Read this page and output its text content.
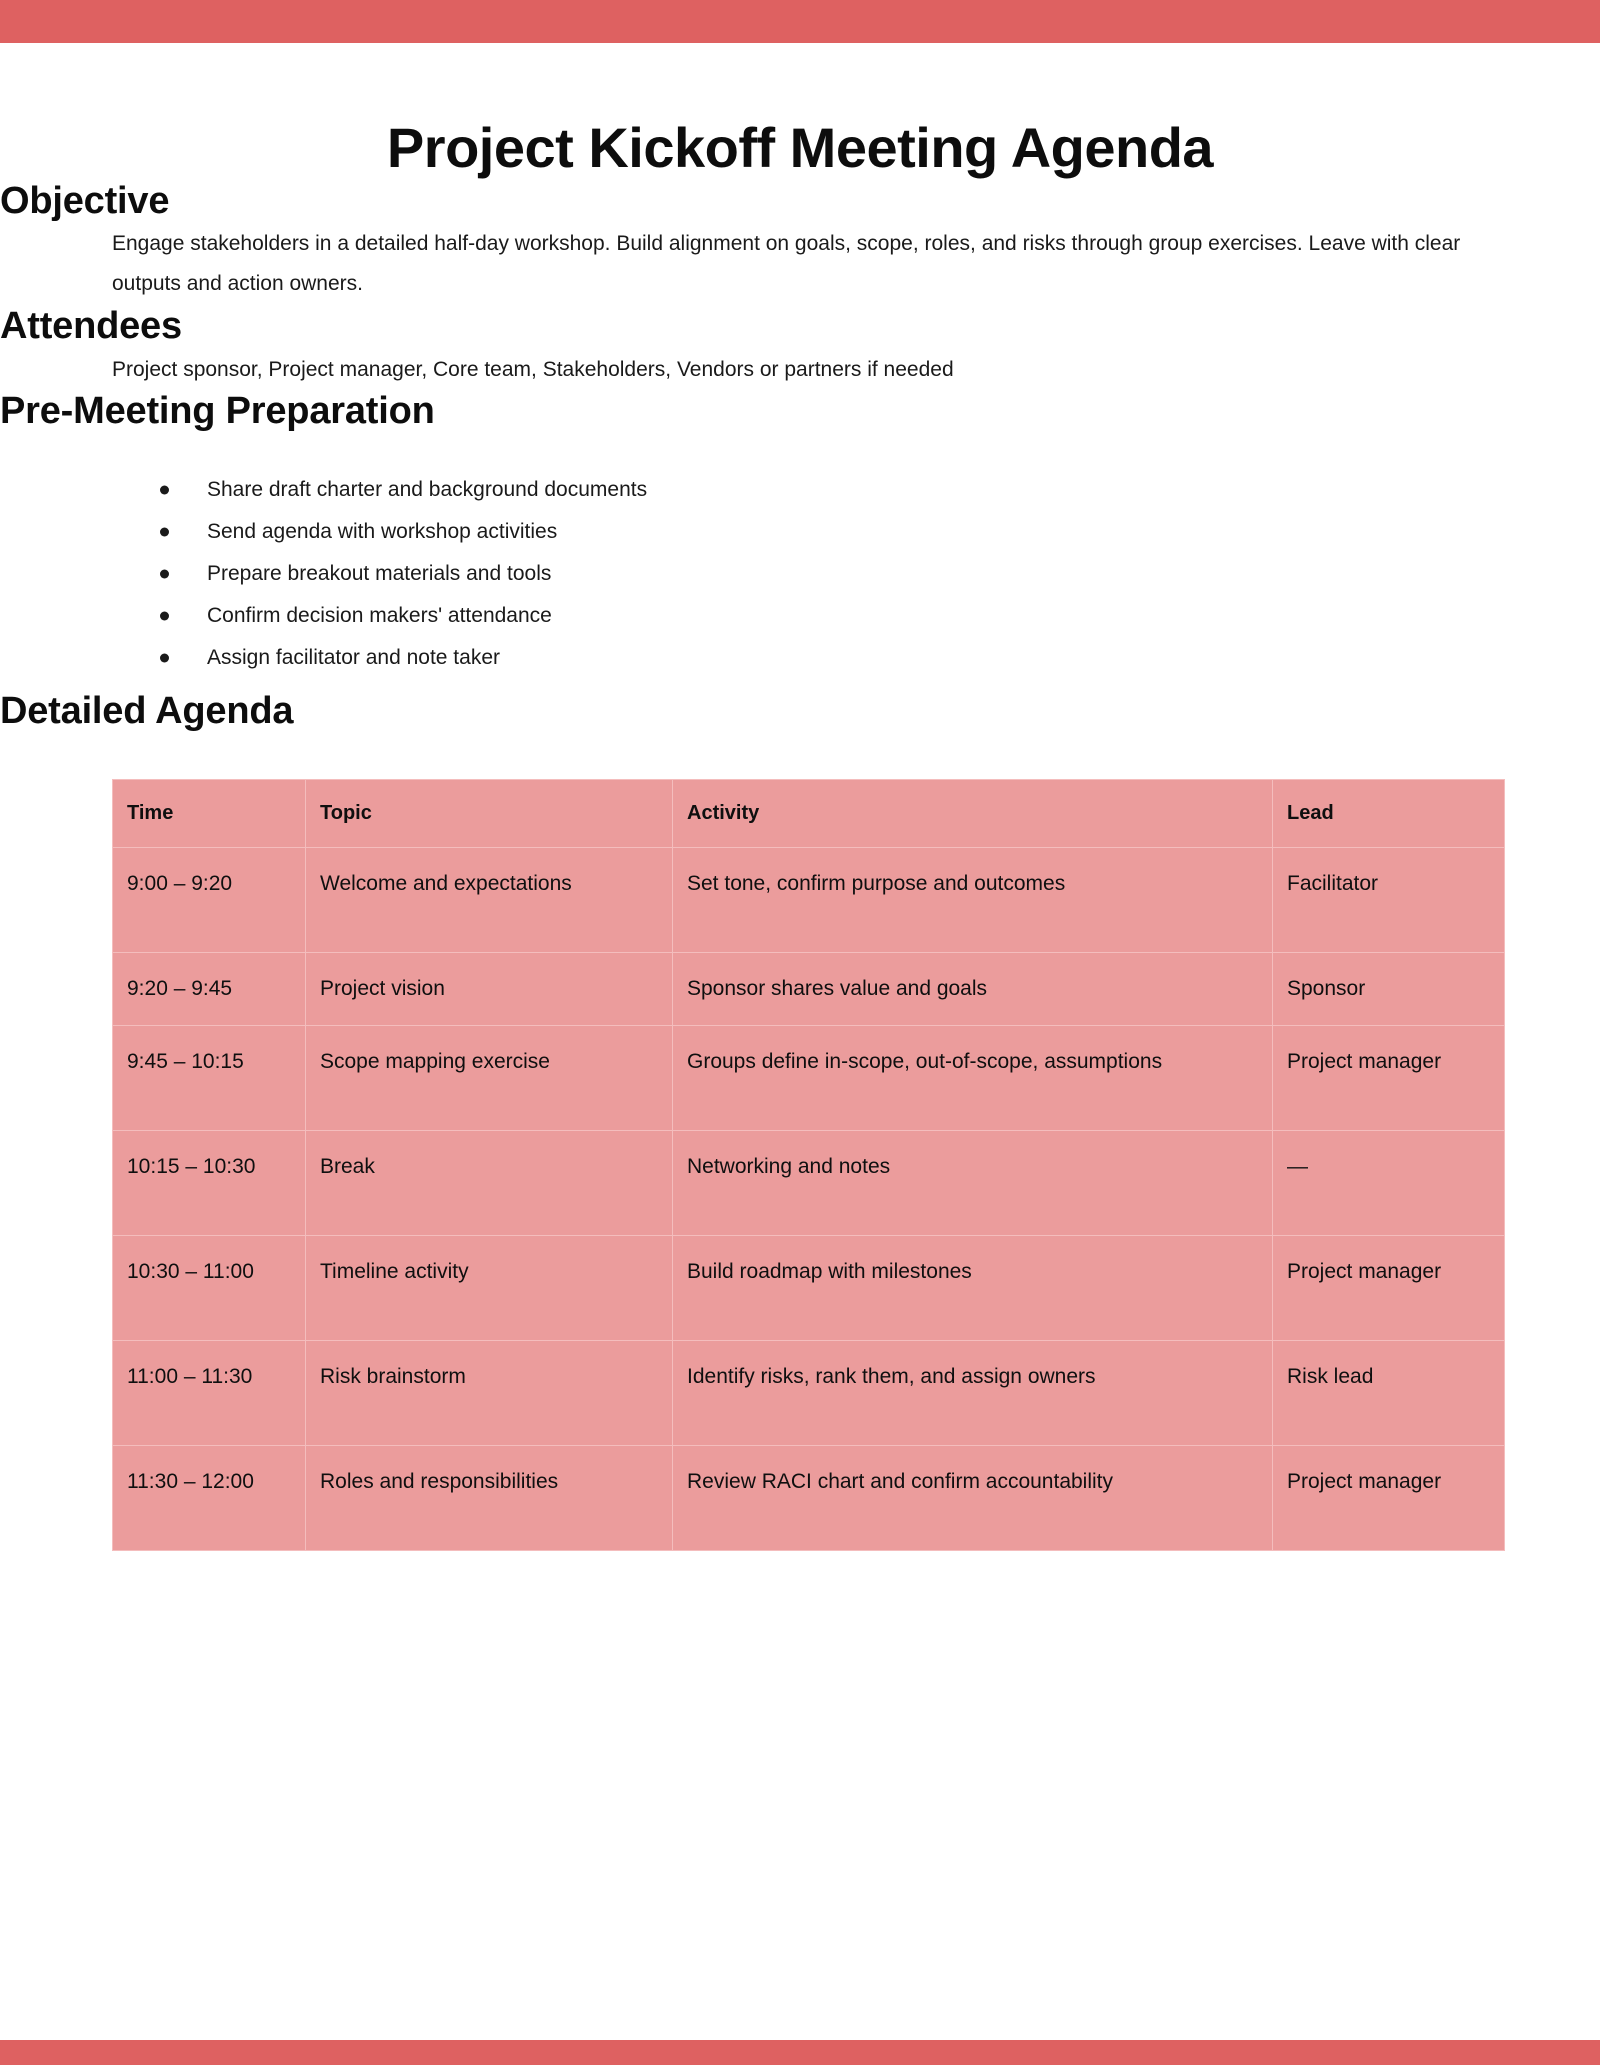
Project Kickoff Meeting Agenda
Objective

Engage stakeholders in a detailed half-day workshop. Build alignment on goals, scope, roles, and risks through group exercises. Leave with clear outputs and action owners.

Attendees

Project sponsor, Project manager, Core team, Stakeholders, Vendors or partners if needed

Pre-Meeting Preparation
Share draft charter and background documents
Send agenda with workshop activities
Prepare breakout materials and tools
Confirm decision makers' attendance
Assign facilitator and note taker
Detailed Agenda
Time	Topic	Activity	Lead
9:00 – 9:20	Welcome and expectations	Set tone, confirm purpose and outcomes	Facilitator
9:20 – 9:45	Project vision	Sponsor shares value and goals	Sponsor
9:45 – 10:15	Scope mapping exercise	Groups define in-scope, out-of-scope, assumptions	Project manager
10:15 – 10:30	Break	Networking and notes	—
10:30 – 11:00	Timeline activity	Build roadmap with milestones	Project manager
11:00 – 11:30	Risk brainstorm	Identify risks, rank them, and assign owners	Risk lead
11:30 – 12:00	Roles and responsibilities	Review RACI chart and confirm accountability	Project manager
